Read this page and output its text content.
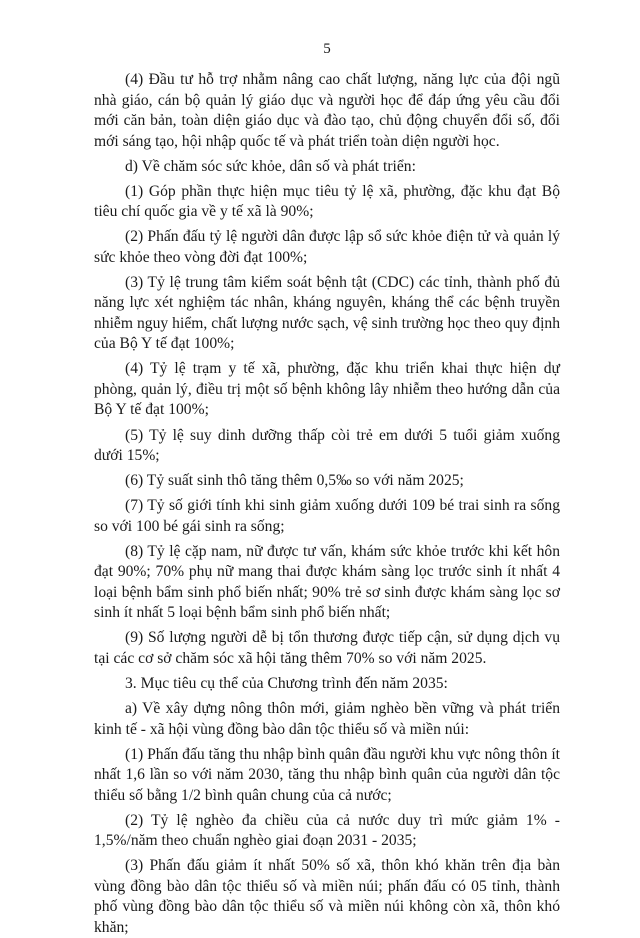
5

(4) Đầu tư hỗ trợ nhằm nâng cao chất lượng, năng lực của đội ngũ nhà giáo, cán bộ quản lý giáo dục và người học để đáp ứng yêu cầu đổi mới căn bản, toàn diện giáo dục và đào tạo, chủ động chuyển đổi số, đổi mới sáng tạo, hội nhập quốc tế và phát triển toàn diện người học.

d) Về chăm sóc sức khỏe, dân số và phát triển:

(1) Góp phần thực hiện mục tiêu tỷ lệ xã, phường, đặc khu đạt Bộ tiêu chí quốc gia về y tế xã là 90%;

(2) Phấn đấu tỷ lệ người dân được lập sổ sức khỏe điện tử và quản lý sức khỏe theo vòng đời đạt 100%;

(3) Tỷ lệ trung tâm kiểm soát bệnh tật (CDC) các tỉnh, thành phố đủ năng lực xét nghiệm tác nhân, kháng nguyên, kháng thể các bệnh truyền nhiễm nguy hiểm, chất lượng nước sạch, vệ sinh trường học theo quy định của Bộ Y tế đạt 100%;

(4) Tỷ lệ trạm y tế xã, phường, đặc khu triển khai thực hiện dự phòng, quản lý, điều trị một số bệnh không lây nhiễm theo hướng dẫn của Bộ Y tế đạt 100%;

(5) Tỷ lệ suy dinh dưỡng thấp còi trẻ em dưới 5 tuổi giảm xuống dưới 15%;

(6) Tỷ suất sinh thô tăng thêm 0,5‰ so với năm 2025;

(7) Tỷ số giới tính khi sinh giảm xuống dưới 109 bé trai sinh ra sống so với 100 bé gái sinh ra sống;

(8) Tỷ lệ cặp nam, nữ được tư vấn, khám sức khỏe trước khi kết hôn đạt 90%; 70% phụ nữ mang thai được khám sàng lọc trước sinh ít nhất 4 loại bệnh bẩm sinh phổ biến nhất; 90% trẻ sơ sinh được khám sàng lọc sơ sinh ít nhất 5 loại bệnh bẩm sinh phổ biến nhất;

(9) Số lượng người dễ bị tổn thương được tiếp cận, sử dụng dịch vụ tại các cơ sở chăm sóc xã hội tăng thêm 70% so với năm 2025.

3. Mục tiêu cụ thể của Chương trình đến năm 2035:

a) Về xây dựng nông thôn mới, giảm nghèo bền vững và phát triển kinh tế - xã hội vùng đồng bào dân tộc thiểu số và miền núi:

(1) Phấn đấu tăng thu nhập bình quân đầu người khu vực nông thôn ít nhất 1,6 lần so với năm 2030, tăng thu nhập bình quân của người dân tộc thiểu số bằng 1/2 bình quân chung của cả nước;

(2) Tỷ lệ nghèo đa chiều của cả nước duy trì mức giảm 1% - 1,5%/năm theo chuẩn nghèo giai đoạn 2031 - 2035;

(3) Phấn đấu giảm ít nhất 50% số xã, thôn khó khăn trên địa bàn vùng đồng bào dân tộc thiểu số và miền núi; phấn đấu có 05 tỉnh, thành phố vùng đồng bào dân tộc thiểu số và miền núi không còn xã, thôn khó khăn;
